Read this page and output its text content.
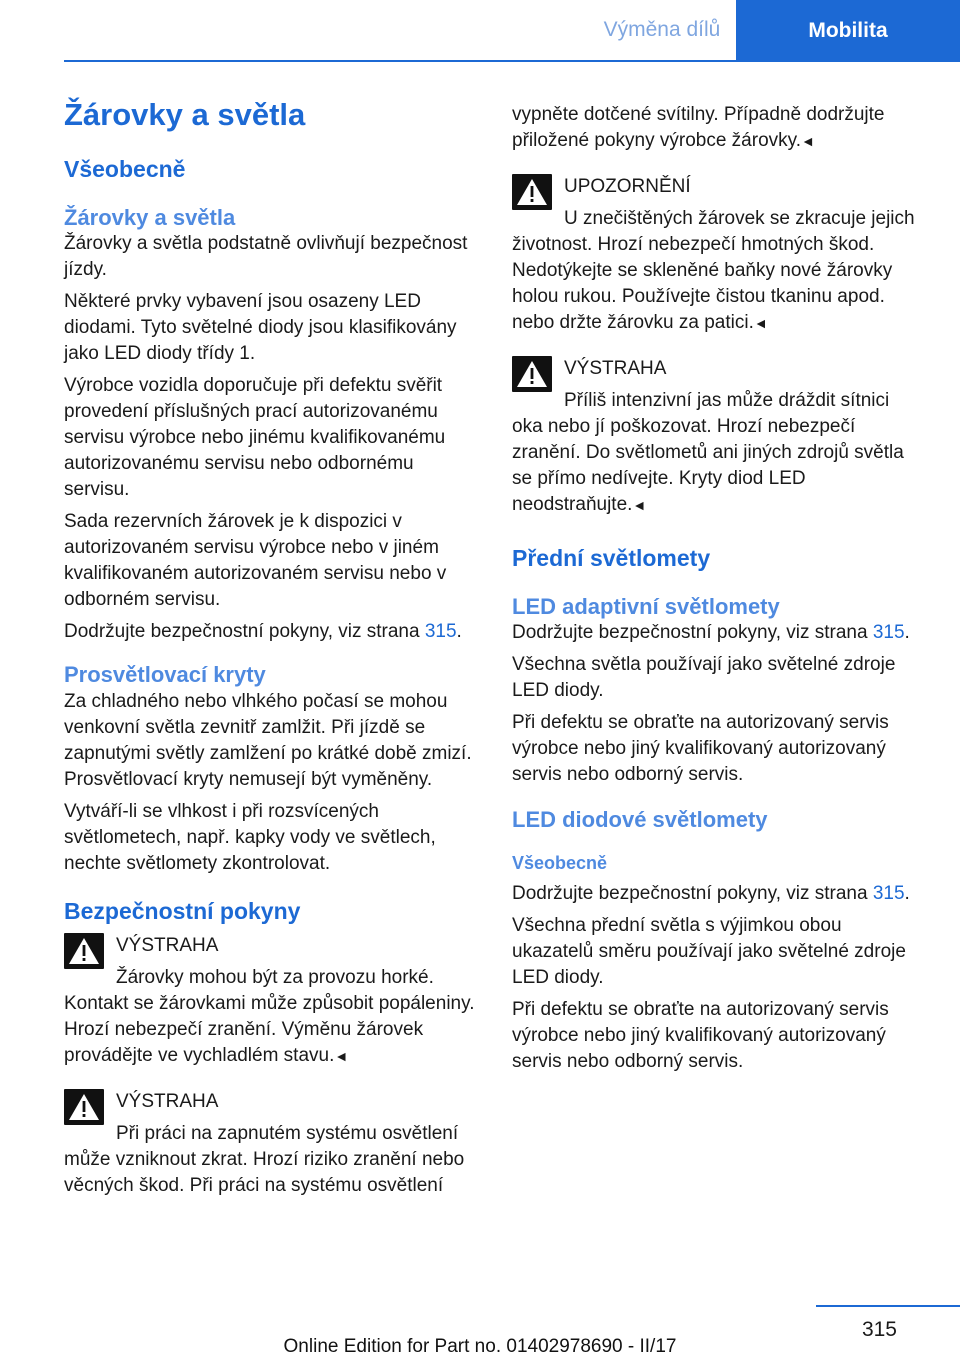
Výměna dílů	Mobilita
Žárovky a světla
Všeobecně
Žárovky a světla

Žárovky a světla podstatně ovlivňují bezpečnost jízdy.

Některé prvky vybavení jsou osazeny LED diodami. Tyto světelné diody jsou klasifikovány jako LED diody třídy 1.

Výrobce vozidla doporučuje při defektu svěřit provedení příslušných prací autorizovanému servisu výrobce nebo jinému kvalifikovanému autorizovanému servisu nebo odbornému servisu.

Sada rezervních žárovek je k dispozici v autorizovaném servisu výrobce nebo v jiném kvalifikovaném autorizovaném servisu nebo v odborném servisu.

Dodržujte bezpečnostní pokyny, viz strana 315.

Prosvětlovací kryty

Za chladného nebo vlhkého počasí se mohou venkovní světla zevnitř zamlžit. Při jízdě se zapnutými světly zamlžení po krátké době zmizí. Prosvětlovací kryty nemusejí být vyměněny.

Vytváří-li se vlhkost i při rozsvícených světlometech, např. kapky vody ve světlech, nechte světlomety zkontrolovat.

Bezpečnostní pokyny
VÝSTRAHA
Žárovky mohou být za provozu horké.
Kontakt se žárovkami může způsobit popáleniny. Hrozí nebezpečí zranění. Výměnu žárovek provádějte ve vychladlém stavu.◄
VÝSTRAHA
Při práci na zapnutém systému osvětlení
může vzniknout zkrat. Hrozí riziko zranění nebo věcných škod. Při práci na systému osvětlení

vypněte dotčené svítilny. Případně dodržujte přiložené pokyny výrobce žárovky.◄

UPOZORNĚNÍ
U znečištěných žárovek se zkracuje jejich
životnost. Hrozí nebezpečí hmotných škod. Nedotýkejte se skleněné baňky nové žárovky holou rukou. Používejte čistou tkaninu apod. nebo držte žárovku za patici.◄
VÝSTRAHA
Příliš intenzivní jas může dráždit sítnici
oka nebo jí poškozovat. Hrozí nebezpečí zranění. Do světlometů ani jiných zdrojů světla se přímo nedívejte. Kryty diod LED neodstraňujte.◄
Přední světlomety
LED adaptivní světlomety

Dodržujte bezpečnostní pokyny, viz strana 315.

Všechna světla používají jako světelné zdroje LED diody.

Při defektu se obraťte na autorizovaný servis výrobce nebo jiný kvalifikovaný autorizovaný servis nebo odborný servis.

LED diodové světlomety
Všeobecně

Dodržujte bezpečnostní pokyny, viz strana 315.

Všechna přední světla s výjimkou obou ukazatelů směru používají jako světelné zdroje LED diody.

Při defektu se obraťte na autorizovaný servis výrobce nebo jiný kvalifikovaný autorizovaný servis nebo odborný servis.

315
Online Edition for Part no. 01402978690 - II/17
